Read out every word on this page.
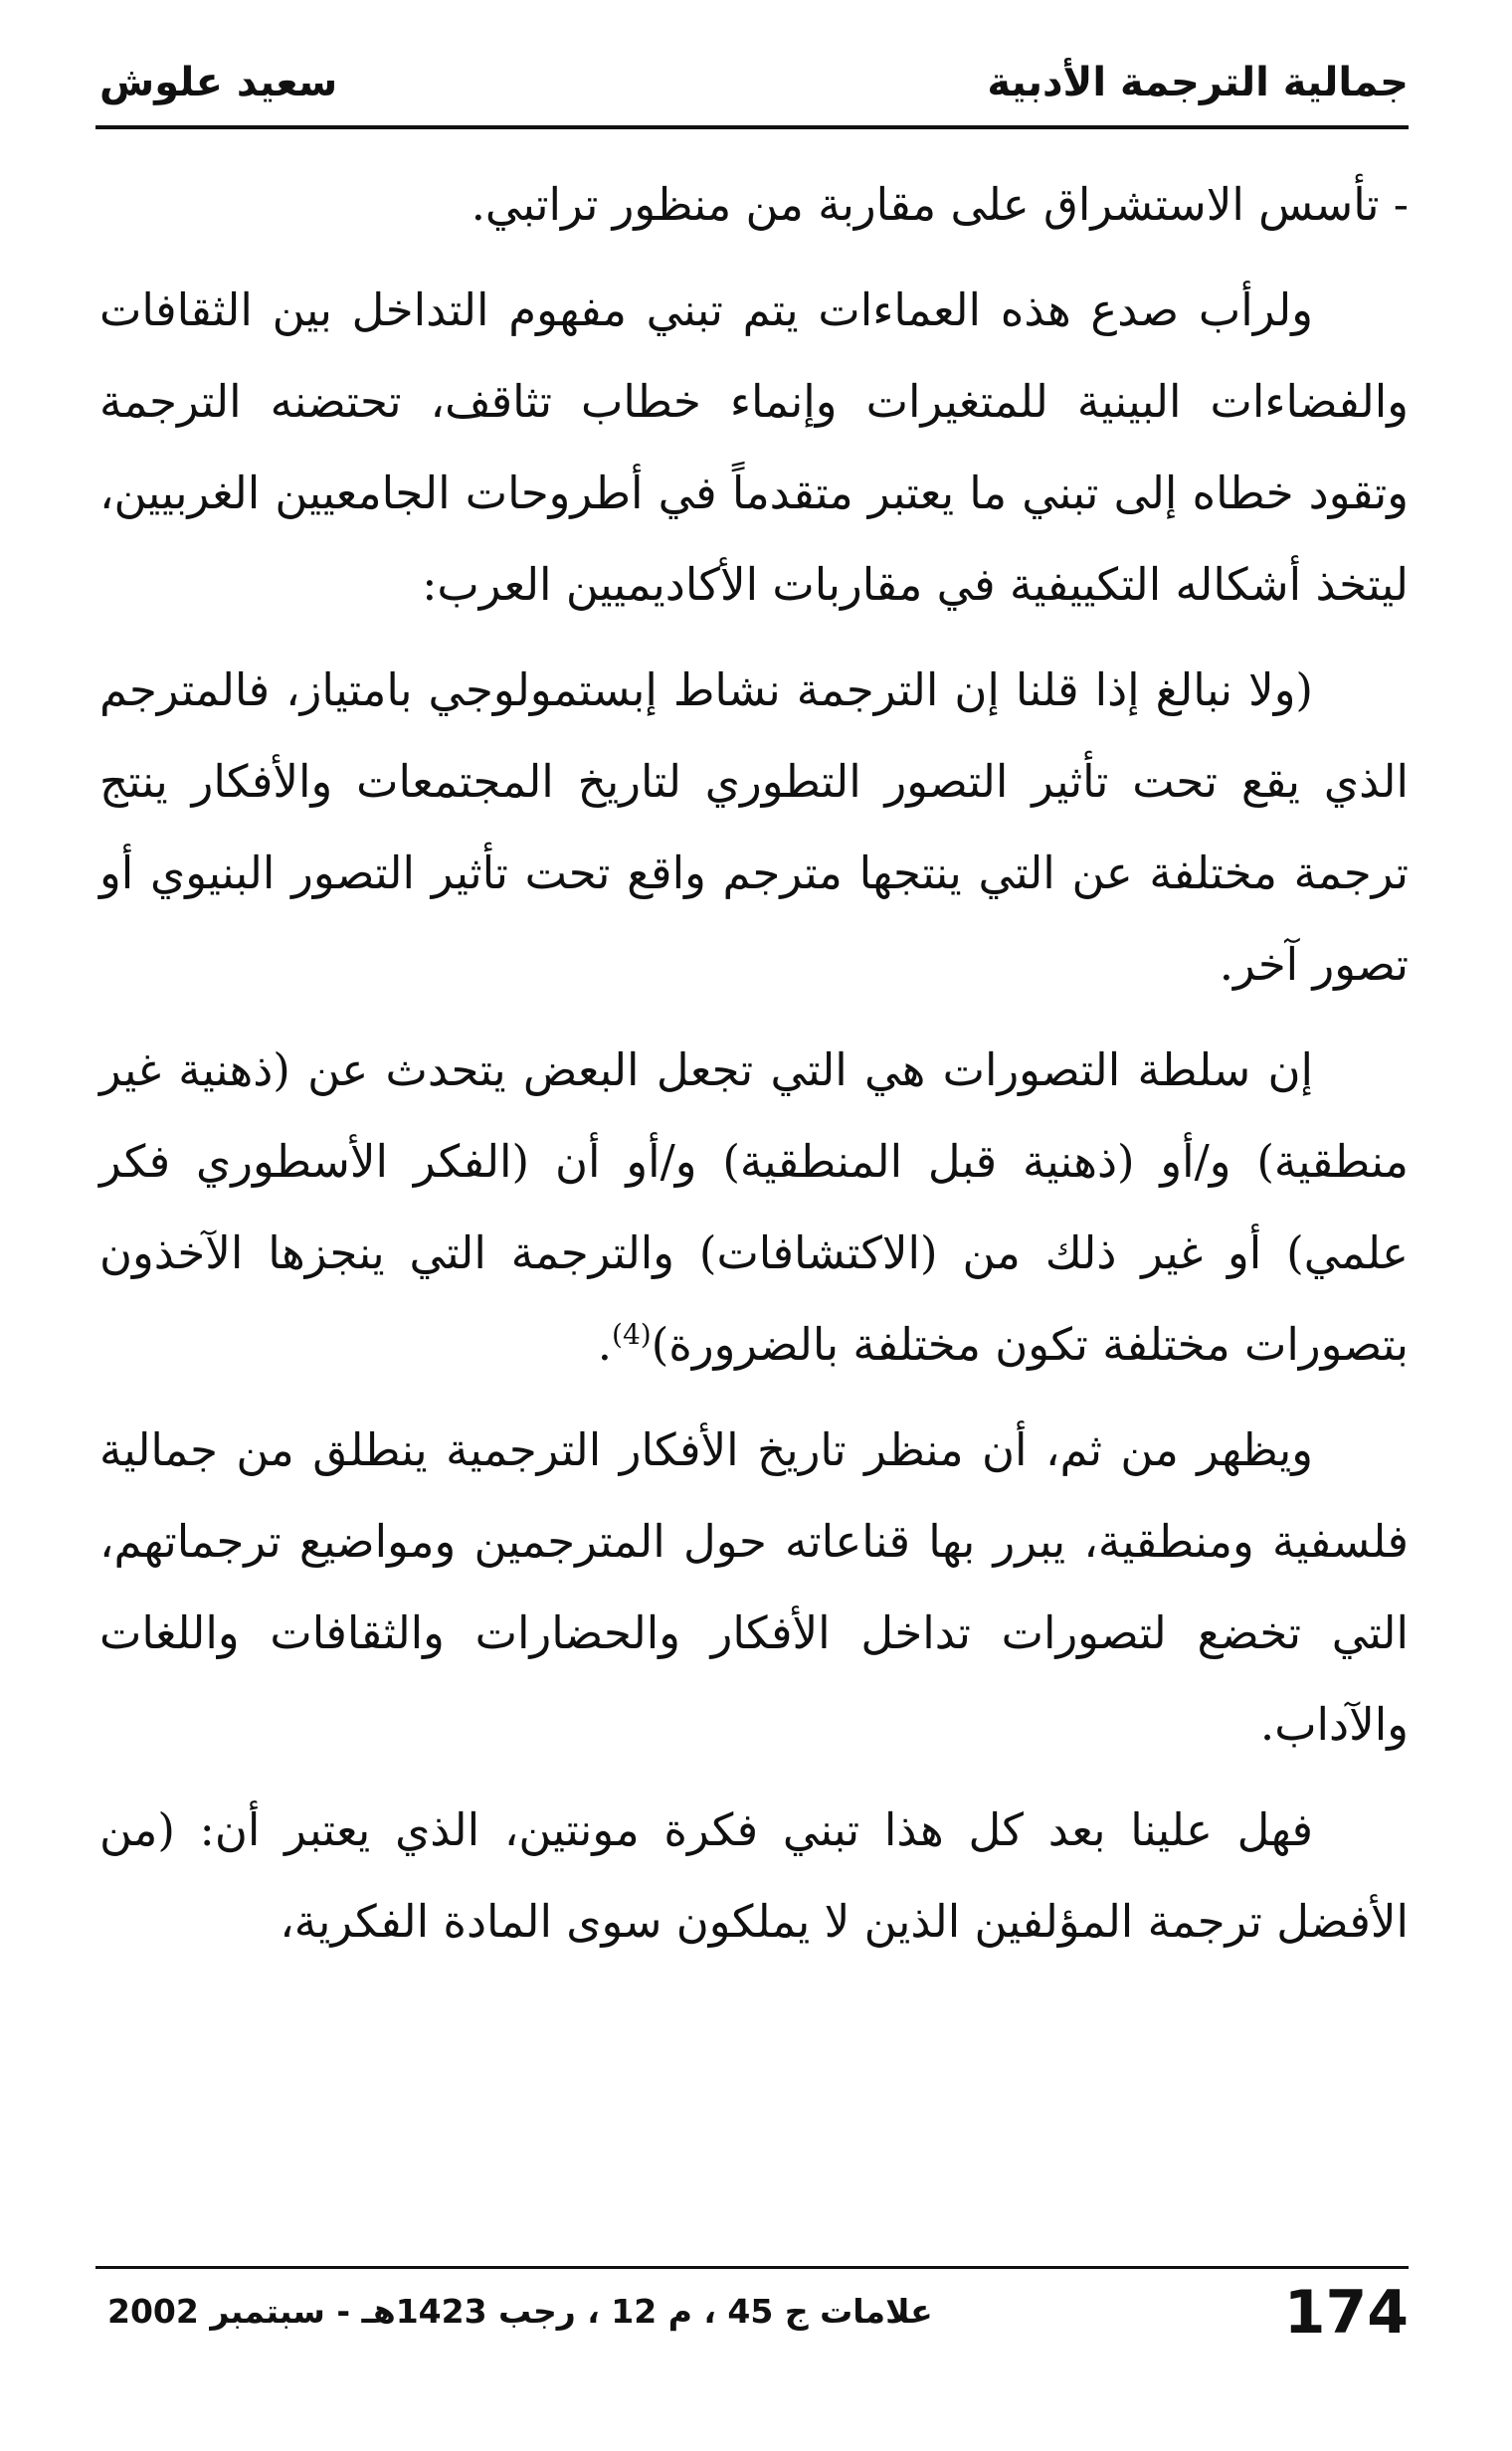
جمالية الترجمة الأدبية
سعيد علوش

- تأسس الاستشراق على مقاربة من منظور تراتبي.

ولرأب صدع هذه العماءات يتم تبني مفهوم التداخل بين الثقافات والفضاءات البينية للمتغيرات وإنماء خطاب تثاقف، تحتضنه الترجمة وتقود خطاه إلى تبني ما يعتبر متقدماً في أطروحات الجامعيين الغربيين، ليتخذ أشكاله التكييفية في مقاربات الأكاديميين العرب:

(ولا نبالغ إذا قلنا إن الترجمة نشاط إبستمولوجي بامتياز، فالمترجم الذي يقع تحت تأثير التصور التطوري لتاريخ المجتمعات والأفكار ينتج ترجمة مختلفة عن التي ينتجها مترجم واقع تحت تأثير التصور البنيوي أو تصور آخر.

إن سلطة التصورات هي التي تجعل البعض يتحدث عن (ذهنية غير منطقية) و/أو (ذهنية قبل المنطقية) و/أو أن (الفكر الأسطوري فكر علمي) أو غير ذلك من (الاكتشافات) والترجمة التي ينجزها الآخذون بتصورات مختلفة تكون مختلفة بالضرورة)$^{(4)}$.

ويظهر من ثم، أن منظر تاريخ الأفكار الترجمية ينطلق من جمالية فلسفية ومنطقية، يبرر بها قناعاته حول المترجمين ومواضيع ترجماتهم، التي تخضع لتصورات تداخل الأفكار والحضارات والثقافات واللغات والآداب.

فهل علينا بعد كل هذا تبني فكرة مونتين، الذي يعتبر أن: (من الأفضل ترجمة المؤلفين الذين لا يملكون سوى المادة الفكرية،

علامات ج 45 ، م 12 ، رجب 1423هـ - سبتمبر 2002	174
